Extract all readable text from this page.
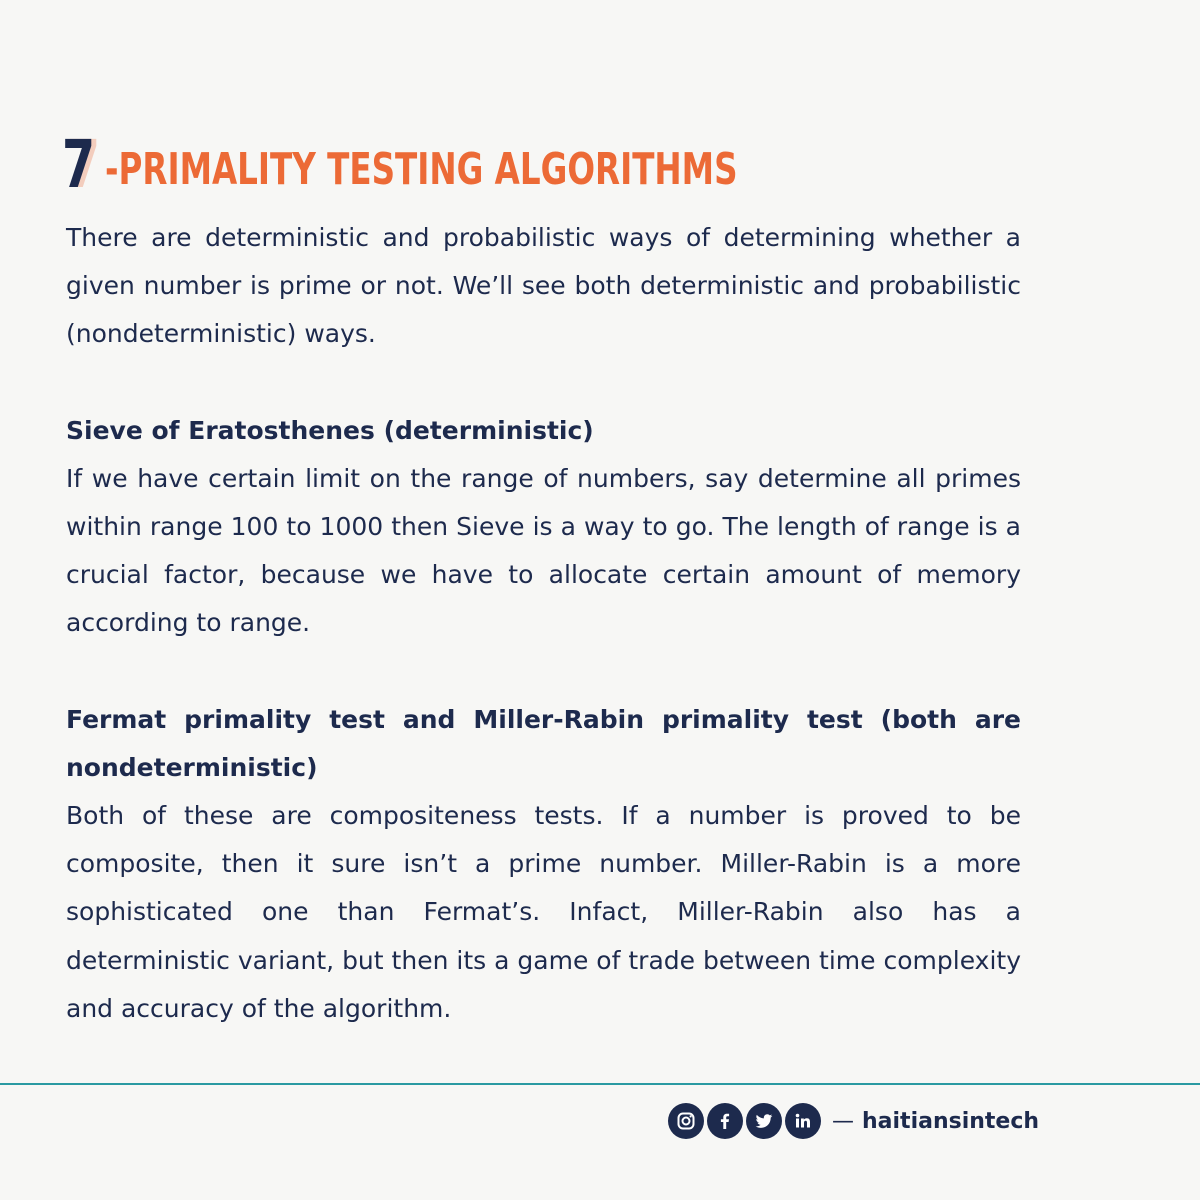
7 -PRIMALITY TESTING ALGORITHMS

There are deterministic and probabilistic ways of determining whether a given number is prime or not. We’ll see both deterministic and probabilistic (nondeterministic) ways.

Sieve of Eratosthenes (deterministic)

If we have certain limit on the range of numbers, say determine all primes within range 100 to 1000 then Sieve is a way to go. The length of range is a crucial factor, because we have to allocate certain amount of memory according to range.

Fermat primality test and Miller-Rabin primality test (both are nondeterministic)

Both of these are compositeness tests. If a number is proved to be composite, then it sure isn’t a prime number. Miller-Rabin is a more sophisticated one than Fermat’s. Infact, Miller-Rabin also has a deterministic variant, but then its a game of trade between time complexity and accuracy of the algorithm.

— haitiansintech
